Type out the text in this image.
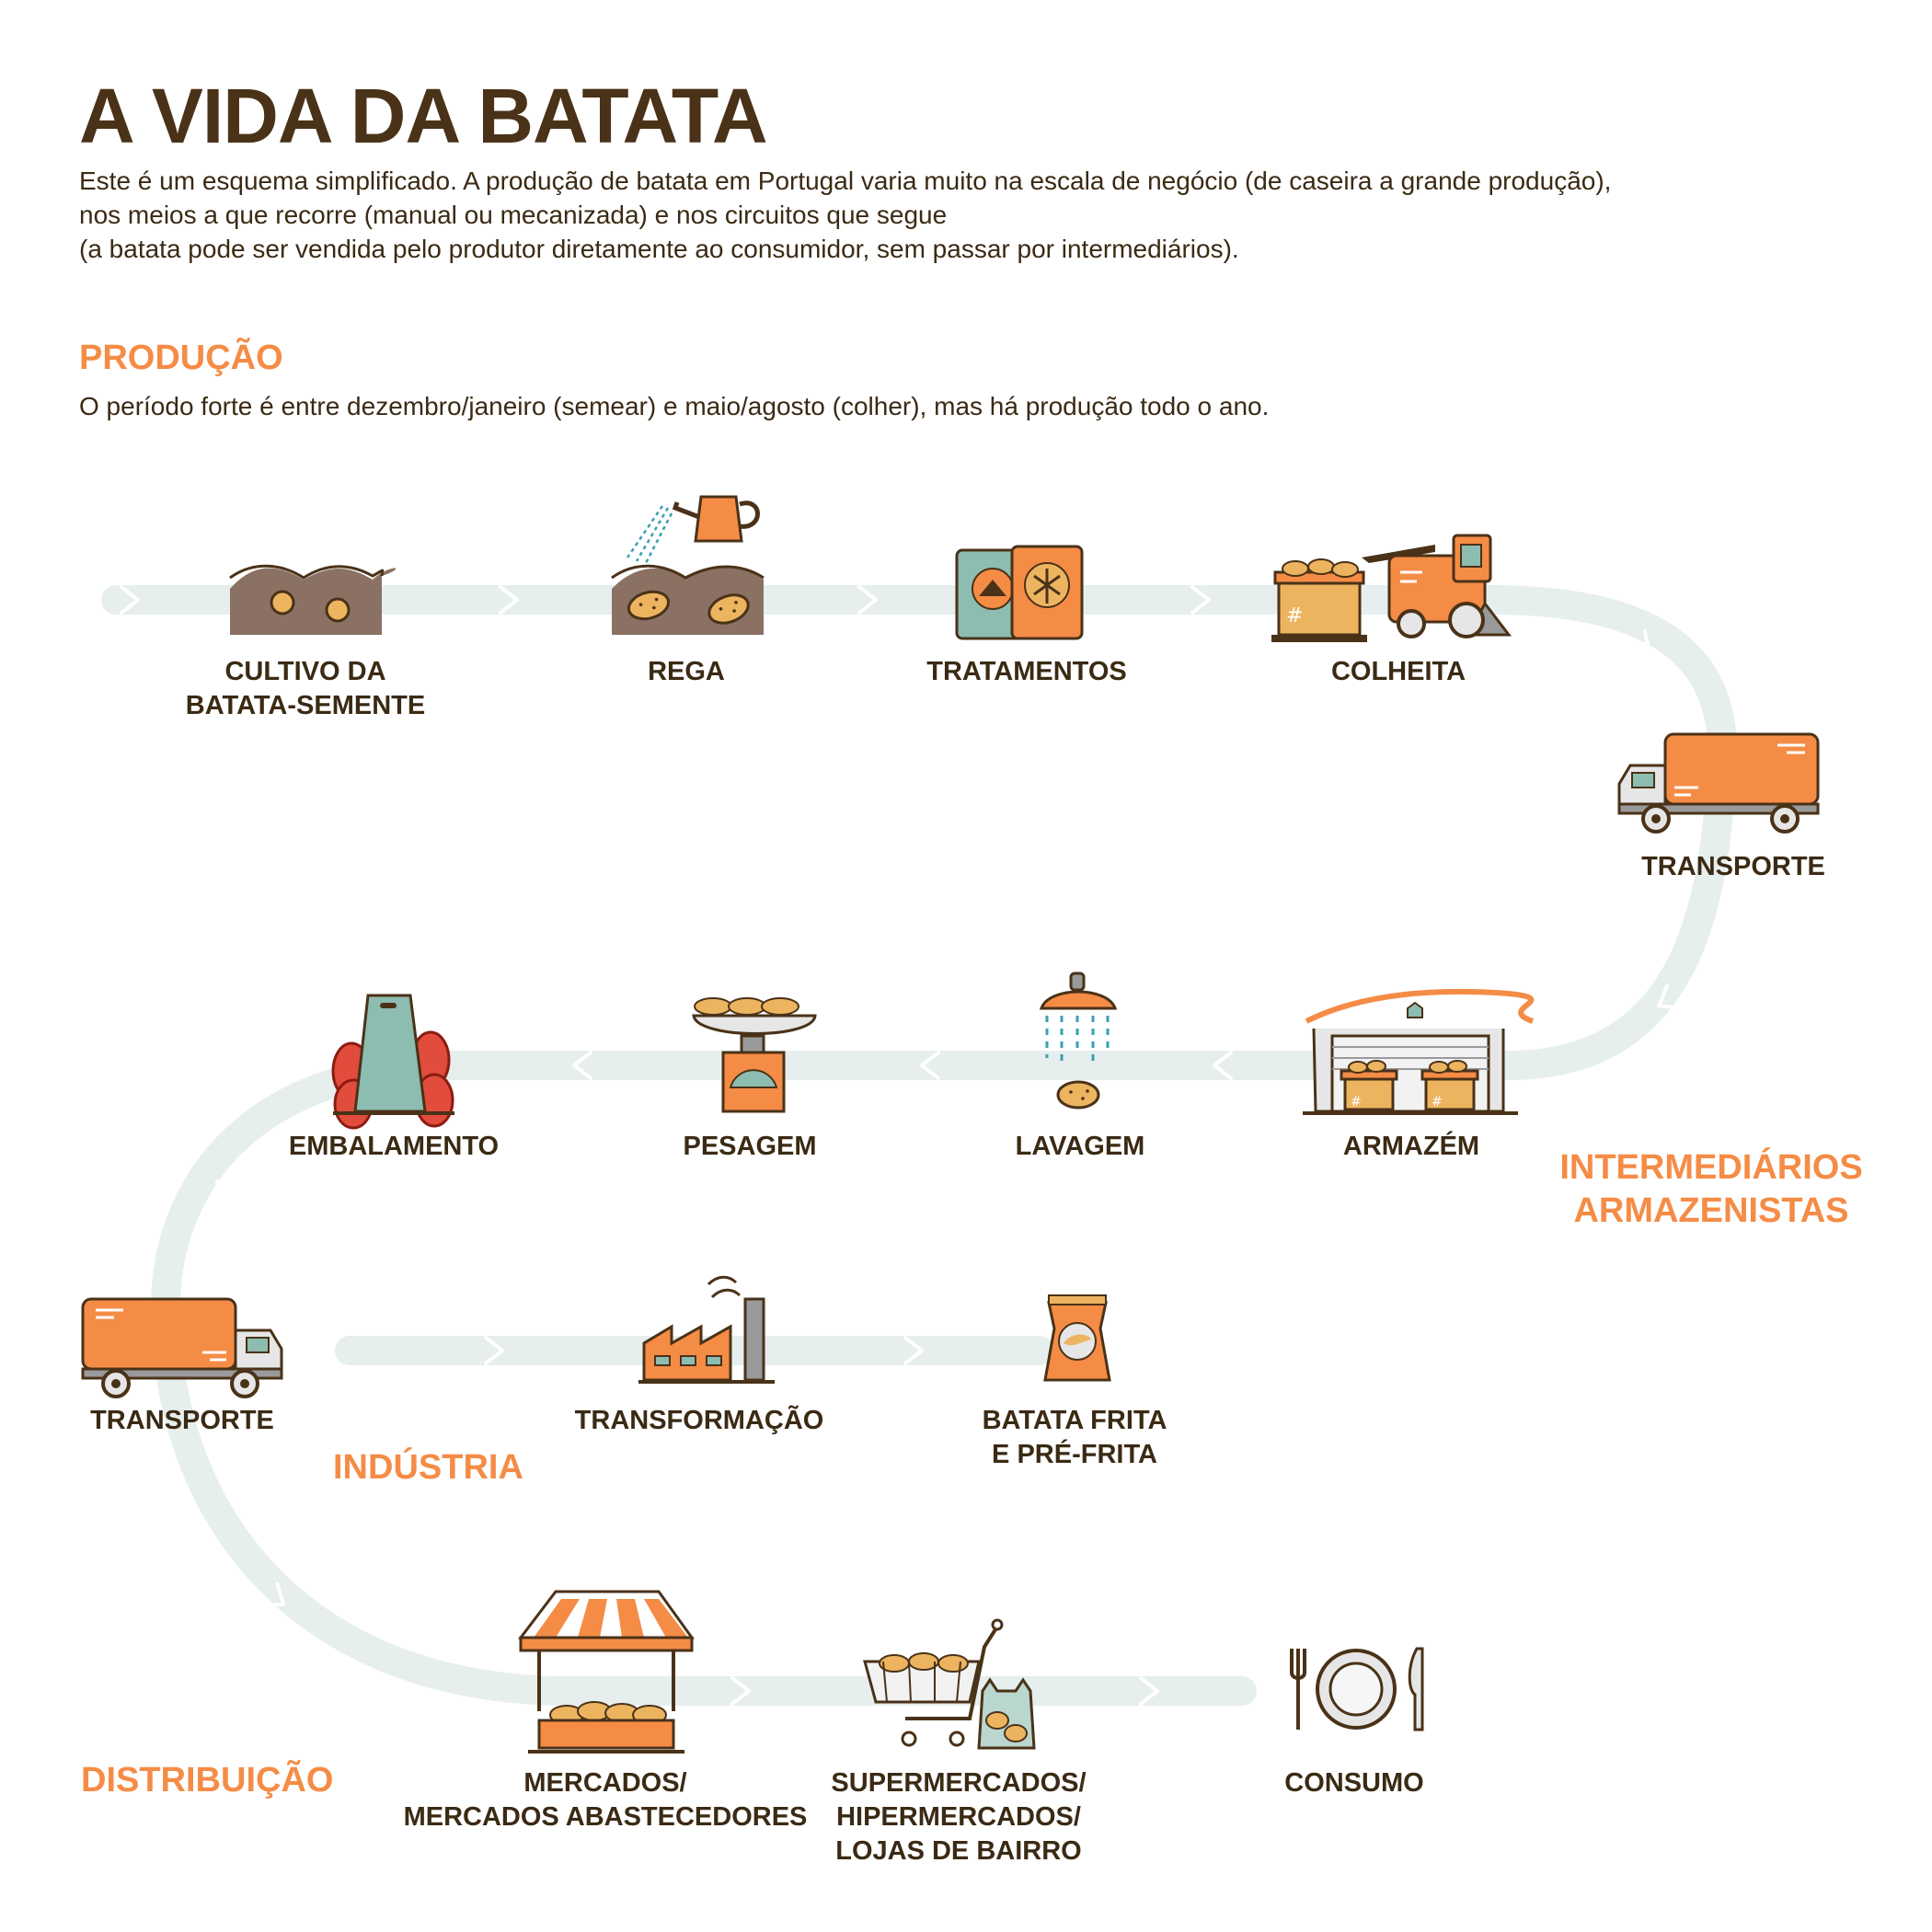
#
A VIDA DA BATATA
Este é um esquema simplificado. A produção de batata em Portugal varia muito na escala de negócio (de caseira a grande produção),
nos meios a que recorre (manual ou mecanizada) e nos circuitos que segue
(a batata pode ser vendida pelo produtor diretamente ao consumidor, sem passar por intermediários).
PRODUÇÃO
O período forte é entre dezembro/janeiro (semear) e maio/agosto (colher), mas há produção todo o ano.
INTERMEDIÁRIOS
ARMAZENISTAS
INDÚSTRIA
DISTRIBUIÇÃO
CULTIVO DA
BATATA-SEMENTE
REGA	TRATAMENTOS	COLHEITA
TRANSPORTE
ARMAZÉM
LAVAGEM
PESAGEM
EMBALAMENTO
TRANSPORTE	TRANSFORMAÇÃO	BATATA FRITA
E PRÉ-FRITA
MERCADOS/
MERCADOS ABASTECEDORES
SUPERMERCADOS/
HIPERMERCADOS/
LOJAS DE BAIRRO
CONSUMO
